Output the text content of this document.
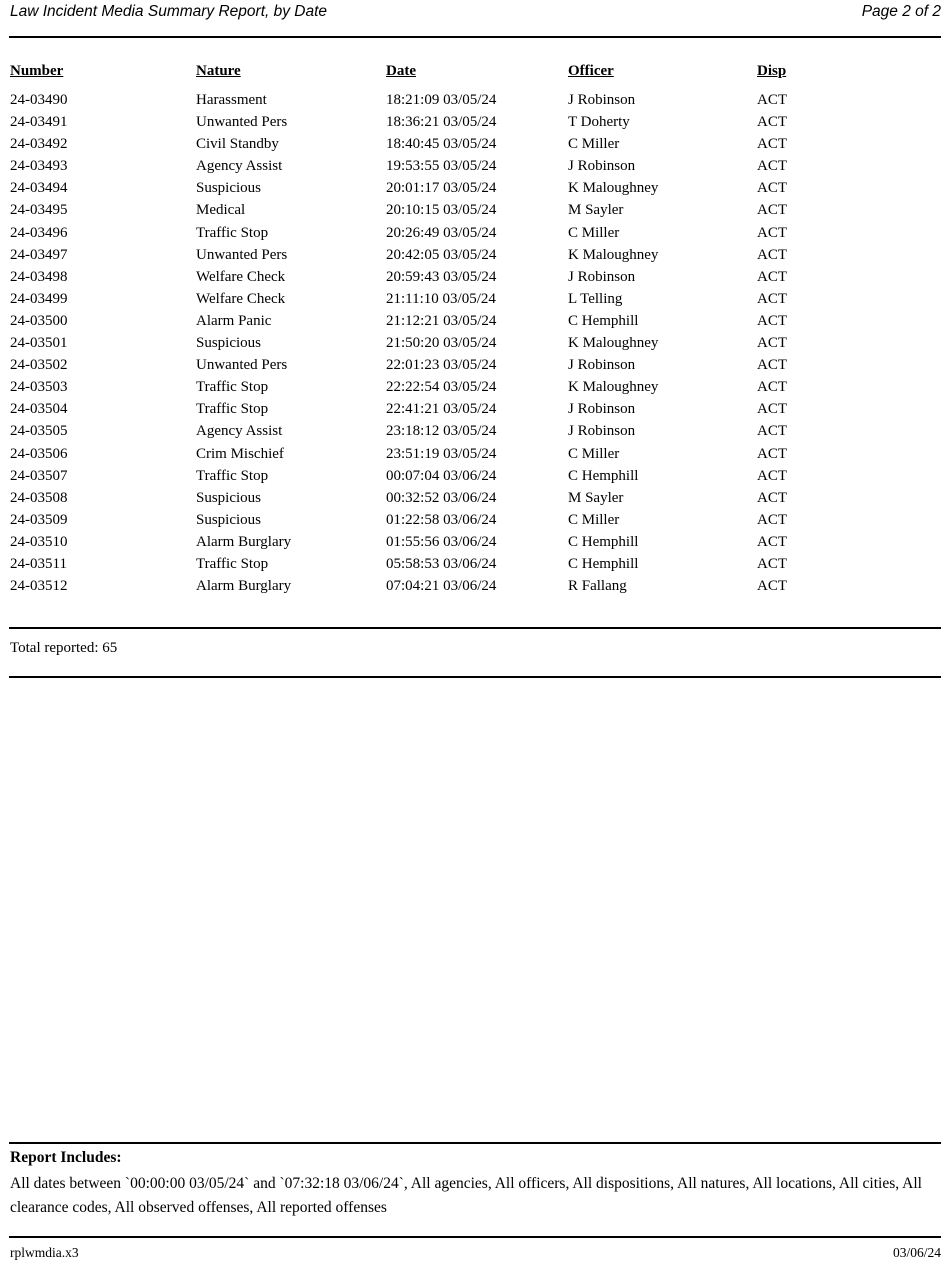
Law Incident Media Summary Report, by Date	Page 2 of 2
Number	Nature	Date	Officer	Disp
24-03490	Harassment	18:21:09 03/05/24	J Robinson	ACT
24-03491	Unwanted Pers	18:36:21 03/05/24	T Doherty	ACT
24-03492	Civil Standby	18:40:45 03/05/24	C Miller	ACT
24-03493	Agency Assist	19:53:55 03/05/24	J Robinson	ACT
24-03494	Suspicious	20:01:17 03/05/24	K Maloughney	ACT
24-03495	Medical	20:10:15 03/05/24	M Sayler	ACT
24-03496	Traffic Stop	20:26:49 03/05/24	C Miller	ACT
24-03497	Unwanted Pers	20:42:05 03/05/24	K Maloughney	ACT
24-03498	Welfare Check	20:59:43 03/05/24	J Robinson	ACT
24-03499	Welfare Check	21:11:10 03/05/24	L Telling	ACT
24-03500	Alarm Panic	21:12:21 03/05/24	C Hemphill	ACT
24-03501	Suspicious	21:50:20 03/05/24	K Maloughney	ACT
24-03502	Unwanted Pers	22:01:23 03/05/24	J Robinson	ACT
24-03503	Traffic Stop	22:22:54 03/05/24	K Maloughney	ACT
24-03504	Traffic Stop	22:41:21 03/05/24	J Robinson	ACT
24-03505	Agency Assist	23:18:12 03/05/24	J Robinson	ACT
24-03506	Crim Mischief	23:51:19 03/05/24	C Miller	ACT
24-03507	Traffic Stop	00:07:04 03/06/24	C Hemphill	ACT
24-03508	Suspicious	00:32:52 03/06/24	M Sayler	ACT
24-03509	Suspicious	01:22:58 03/06/24	C Miller	ACT
24-03510	Alarm Burglary	01:55:56 03/06/24	C Hemphill	ACT
24-03511	Traffic Stop	05:58:53 03/06/24	C Hemphill	ACT
24-03512	Alarm Burglary	07:04:21 03/06/24	R Fallang	ACT
Total reported: 65
Report Includes:
All dates between `00:00:00 03/05/24` and `07:32:18 03/06/24`, All agencies, All officers, All dispositions, All natures, All locations, All cities, All clearance codes, All observed offenses, All reported offenses
rplwmdia.x3	03/06/24
